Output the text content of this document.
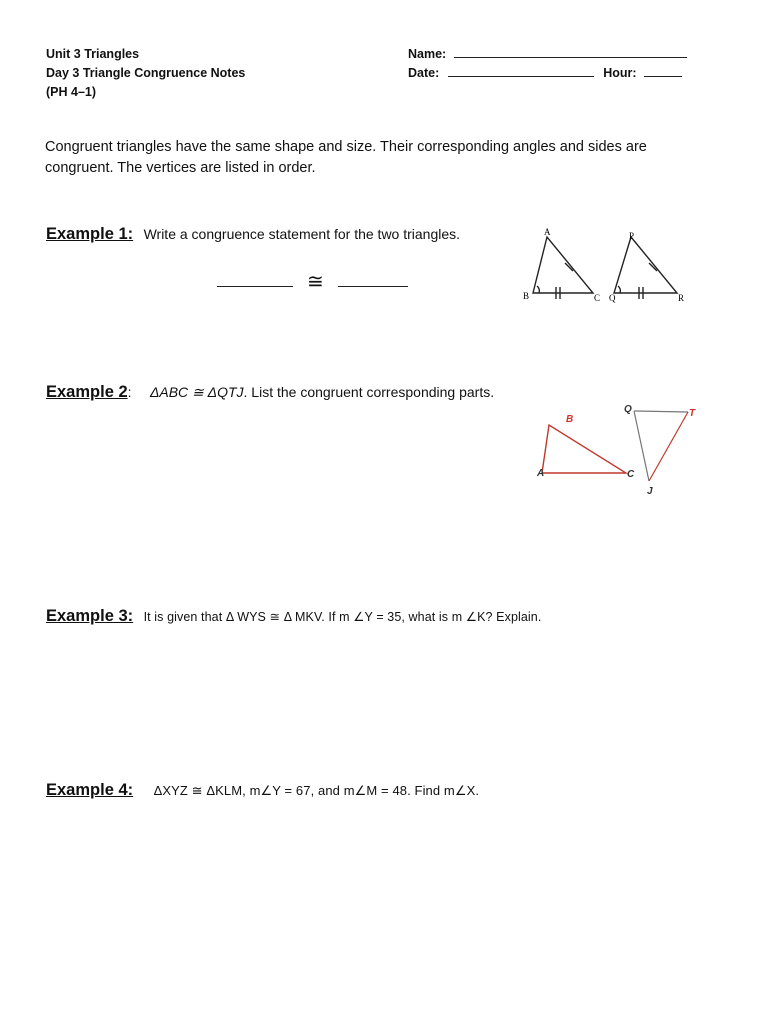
Unit 3 Triangles
Day 3 Triangle Congruence Notes
(PH 4–1)
Name:
Date:	Hour:
Congruent triangles have the same shape and size. Their corresponding angles and sides are
congruent. The vertices are listed in order.
Example 1: Write a congruence statement for the two triangles.
≅
A
B	C
P
Q	R
Example 2: ΔABC ≅ ΔQTJ. List the congruent corresponding parts.
B
A	C
Q	T
J
Example 3: It is given that Δ WYS ≅ Δ MKV. If m ∠Y = 35, what is m ∠K? Explain.
Example 4: ΔXYZ ≅ ΔKLM, m∠Y = 67, and m∠M = 48. Find m∠X.
